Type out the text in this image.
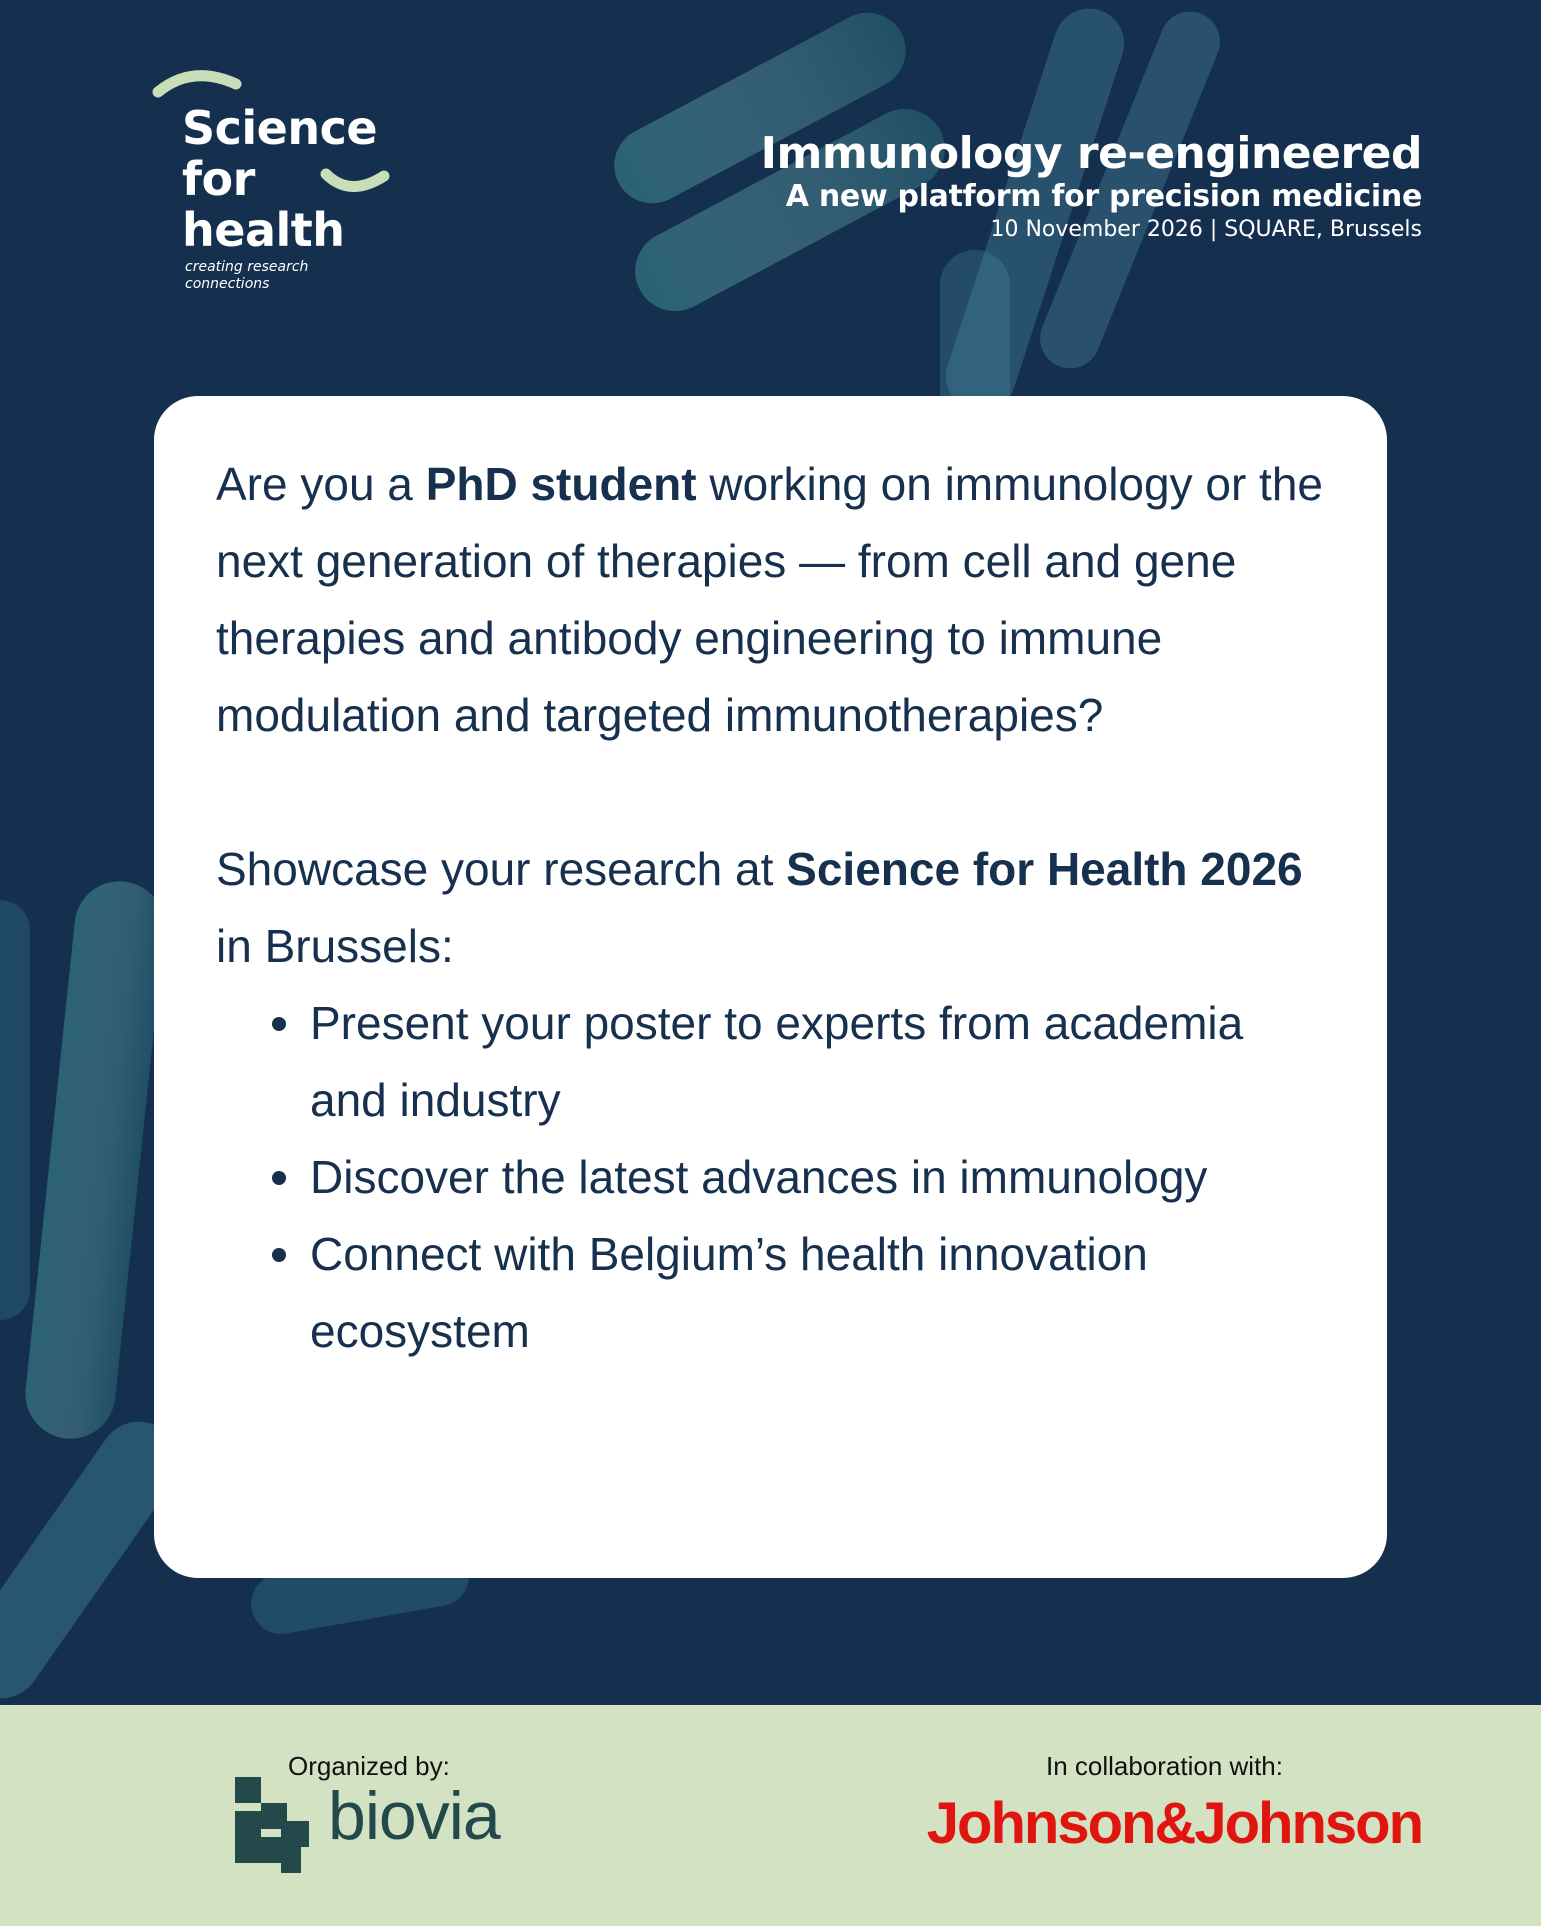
Science
for
health
creating research connections
Immunology re-engineered
A new platform for precision medicine
10 November 2026 | SQUARE, Brussels

Are you a PhD student working on immunology or the next generation of therapies — from cell and gene therapies and antibody engineering to immune modulation and targeted immunotherapies?

Showcase your research at Science for Health 2026 in Brussels:

Present your poster to experts from academia and industry
Discover the latest advances in immunology
Connect with Belgium’s health innovation ecosystem
Organized by:
biovia
In collaboration with:
Johnson&Johnson
